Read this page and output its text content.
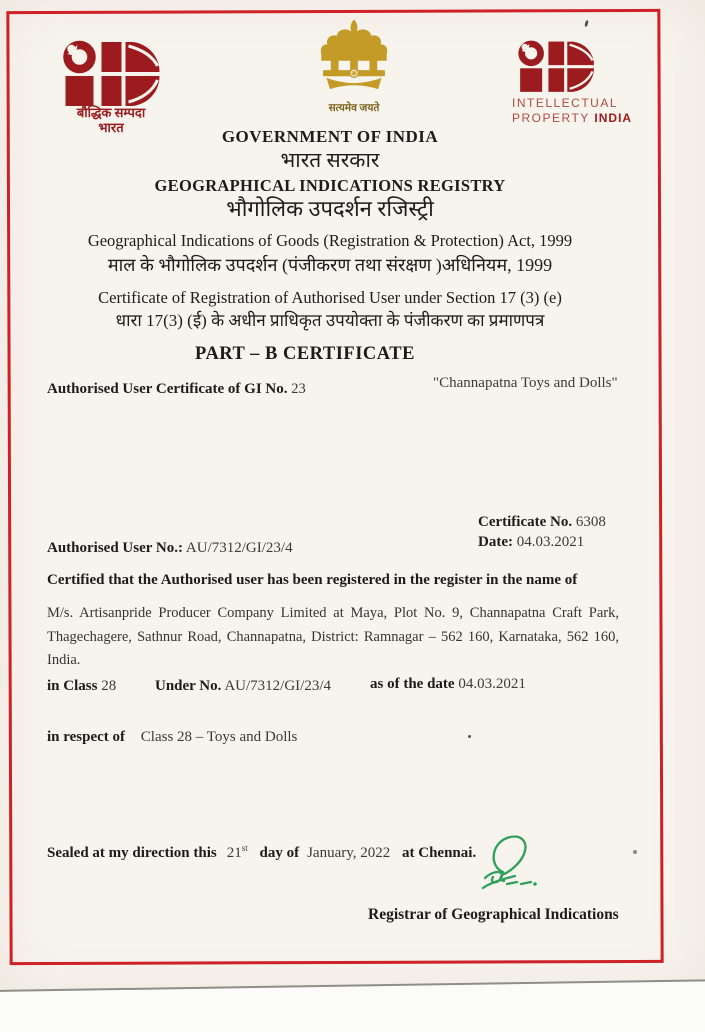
बौद्धिक सम्पदा
भारत
सत्यमेव जयते	INTELLECTUAL
PROPERTY INDIA
GOVERNMENT OF INDIA
भारत सरकार
GEOGRAPHICAL INDICATIONS REGISTRY
भौगोलिक उपदर्शन रजिस्ट्री
Geographical Indications of Goods (Registration & Protection) Act, 1999
माल के भौगोलिक उपदर्शन (पंजीकरण तथा संरक्षण )अधिनियम, 1999
Certificate of Registration of Authorised User under Section 17 (3) (e)
धारा 17(3) (ई) के अधीन प्राधिकृत उपयोक्ता के पंजीकरण का प्रमाणपत्र
PART – B CERTIFICATE
Authorised User Certificate of GI No. 23	"Channapatna Toys and Dolls"
Certificate No. 6308
Date: 04.03.2021
Authorised User No.: AU/7312/GI/23/4
Certified that the Authorised user has been registered in the register in the name of
M/s. Artisanpride Producer Company Limited at Maya, Plot No. 9, Channapatna Craft Park,
Thagechagere, Sathnur Road, Channapatna, District: Ramnagar – 562 160, Karnataka, 562 160,
India.
in Class 28	Under No. AU/7312/GI/23/4	as of the date 04.03.2021
in respect of Class 28 – Toys and Dolls
Sealed at my direction this 21st day of January, 2022 at Chennai.
Registrar of Geographical Indications
